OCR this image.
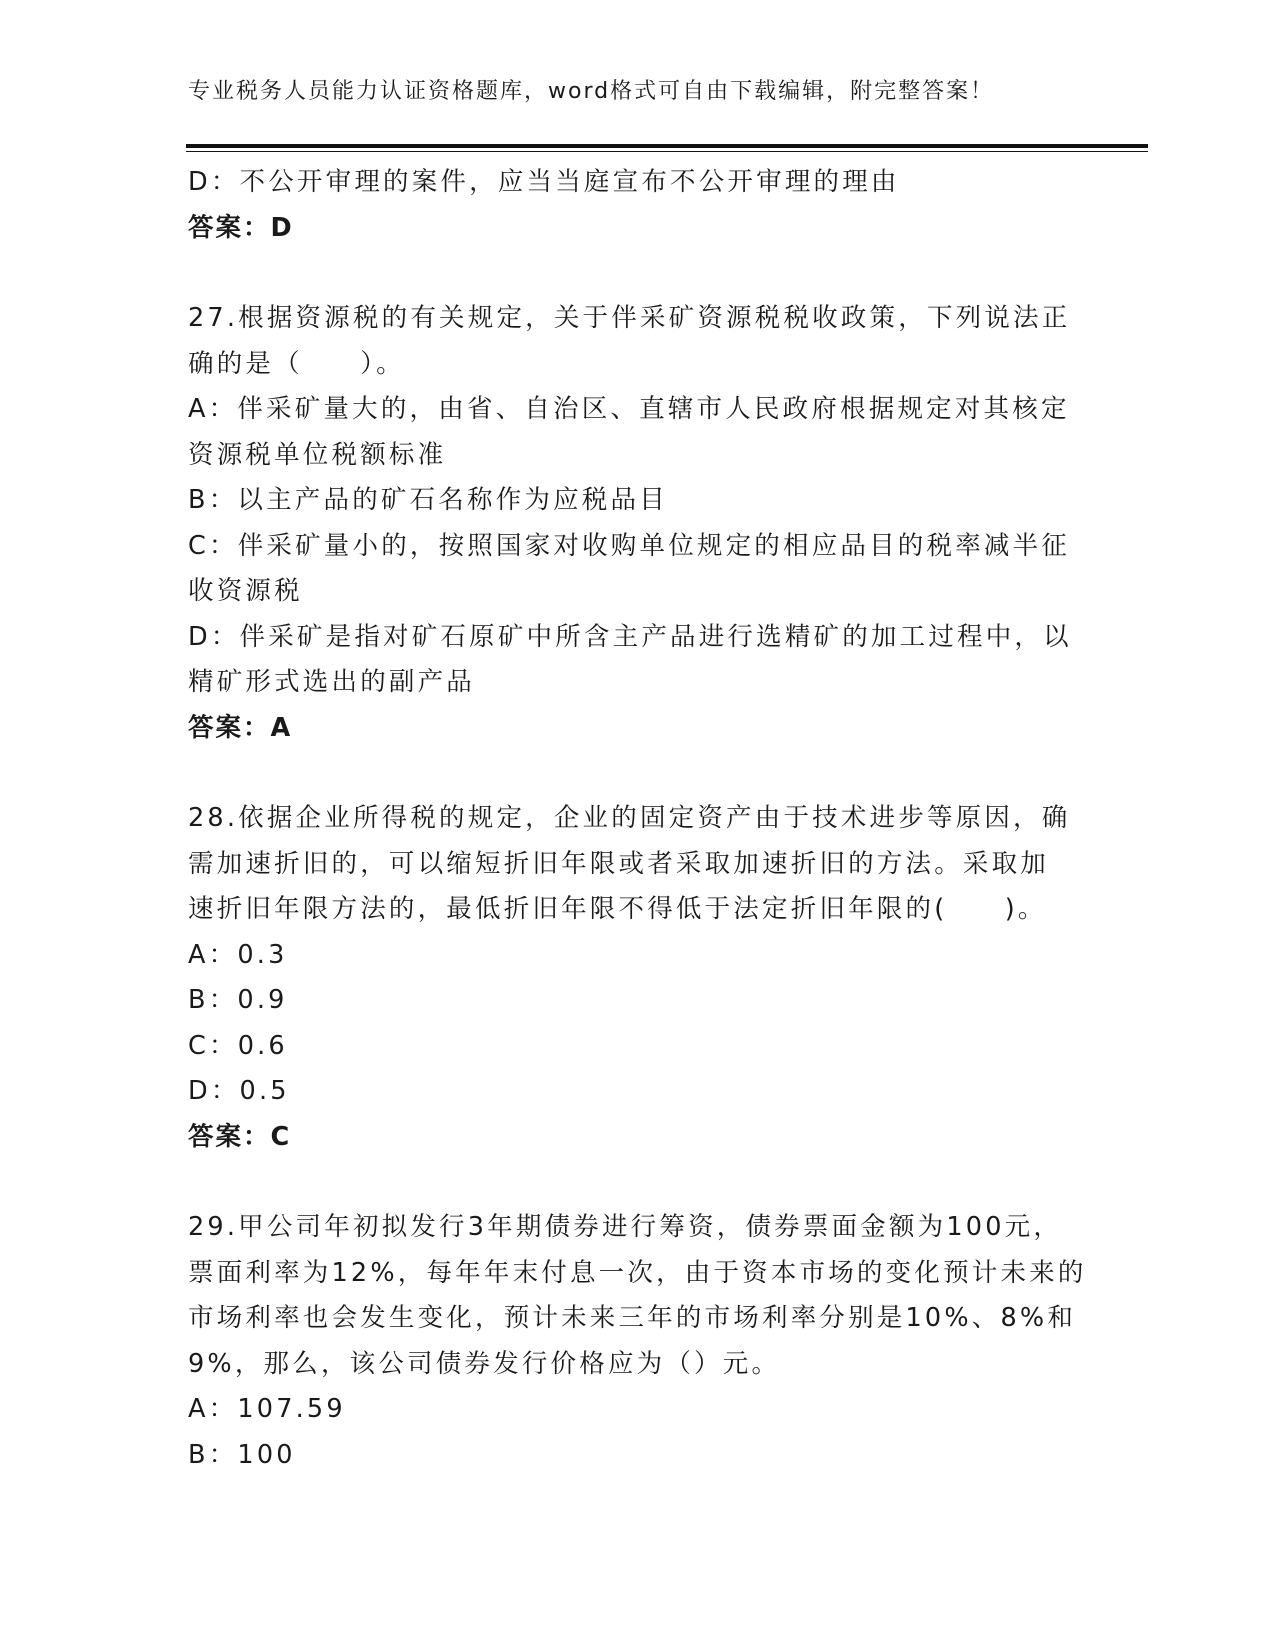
专业税务人员能力认证资格题库，word格式可自由下载编辑，附完整答案！
D：不公开审理的案件，应当当庭宣布不公开审理的理由
答案：D
27.根据资源税的有关规定，关于伴采矿资源税税收政策，下列说法正
确的是（　　）。
A：伴采矿量大的，由省、自治区、直辖市人民政府根据规定对其核定
资源税单位税额标准
B：以主产品的矿石名称作为应税品目
C：伴采矿量小的，按照国家对收购单位规定的相应品目的税率减半征
收资源税
D：伴采矿是指对矿石原矿中所含主产品进行选精矿的加工过程中，以
精矿形式选出的副产品
答案：A
28.依据企业所得税的规定，企业的固定资产由于技术进步等原因，确
需加速折旧的，可以缩短折旧年限或者采取加速折旧的方法。采取加
速折旧年限方法的，最低折旧年限不得低于法定折旧年限的(　　)。
A：0.3
B：0.9
C：0.6
D：0.5
答案：C
29.甲公司年初拟发行3年期债券进行筹资，债券票面金额为100元，
票面利率为12%，每年年末付息一次，由于资本市场的变化预计未来的
市场利率也会发生变化，预计未来三年的市场利率分别是10%、8%和
9%，那么，该公司债券发行价格应为（）元。
A：107.59
B：100
